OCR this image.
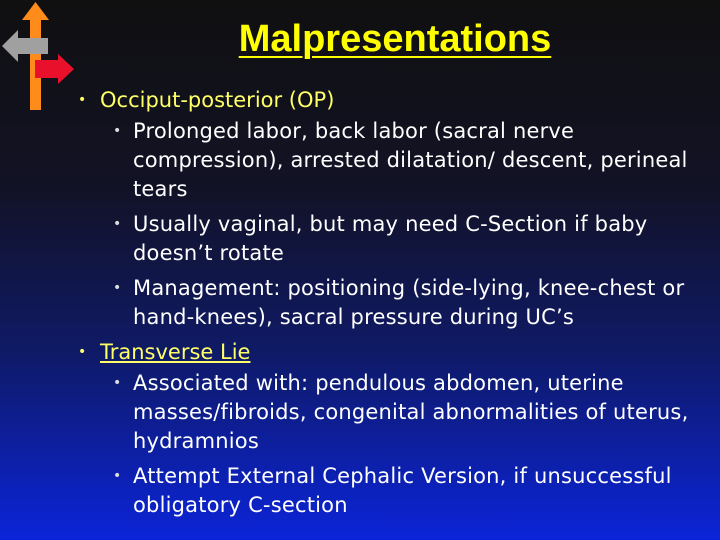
Malpresentations
• Occiput-posterior (OP)
• Prolonged labor, back labor (sacral nerve compression), arrested dilatation/ descent, perineal tears
• Usually vaginal, but may need C-Section if baby doesn’t rotate
• Management: positioning (side-lying, knee-chest or hand-knees), sacral pressure during UC’s
• Transverse Lie
• Associated with: pendulous abdomen, uterine masses/fibroids, congenital abnormalities of uterus, hydramnios
• Attempt External Cephalic Version, if unsuccessful obligatory C-section
